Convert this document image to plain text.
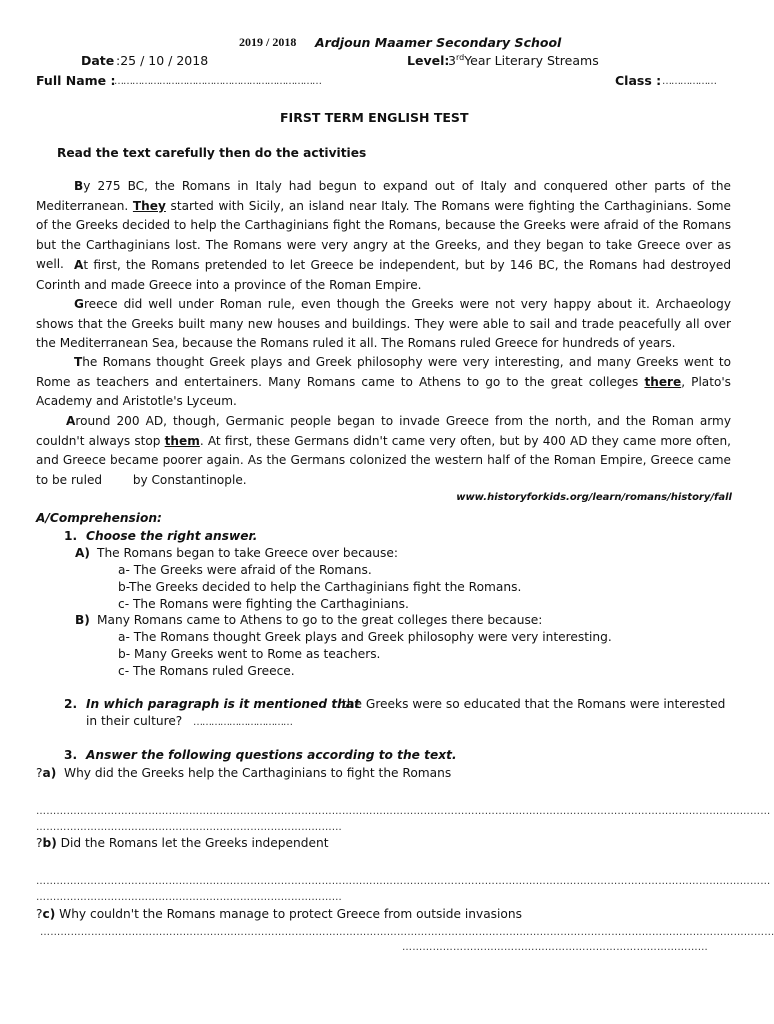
2019 / 2018 Ardjoun Maamer Secondary School
Date :25 / 10 / 2018	Level:
3rdYear Literary Streams
Full Name :
……………………………………………………………	Class : ………………
FIRST TERM ENGLISH TEST
Read the text carefully then do the activities
By 275 BC, the Romans in Italy had begun to expand out of Italy and conquered other parts of the Mediterranean. They started with Sicily, an island near Italy. The Romans were fighting the Carthaginians. Some of the Greeks decided to help the Carthaginians fight the Romans, because the Greeks were afraid of the Romans but the Carthaginians lost. The Romans were very angry at the Greeks, and they began to take Greece over as well. At first, the Romans pretended to let Greece be independent, but by 146 BC, the Romans had destroyed Corinth and made Greece into a province of the Roman Empire.
Greece did well under Roman rule, even though the Greeks were not very happy about it. Archaeology shows that the Greeks built many new houses and buildings. They were able to sail and trade peacefully all over the Mediterranean Sea, because the Romans ruled it all. The Romans ruled Greece for hundreds of years.
The Romans thought Greek plays and Greek philosophy were very interesting, and many Greeks went to Rome as teachers and entertainers. Many Romans came to Athens to go to the great colleges there, Plato's Academy and Aristotle's Lyceum.
Around 200 AD, though, Germanic people began to invade Greece from the north, and the Roman army couldn't always stop them. At first, these Germans didn't came very often, but by 400 AD they came more often, and Greece became poorer again. As the Germans colonized the western half of the Roman Empire, Greece came to be ruled        by Constantinople.
www.historyforkids.org/learn/romans/history/fall
A/Comprehension:
1. Choose the right answer.
A) The Romans began to take Greece over because:
a- The Greeks were afraid of the Romans.
b-The Greeks decided to help the Carthaginians fight the Romans.
c- The Romans were fighting the Carthaginians.
B) Many Romans came to Athens to go to the great colleges there because:
a- The Romans thought Greek plays and Greek philosophy were very interesting.
b- Many Greeks went to Rome as teachers.
c- The Romans ruled Greece.
2. In which paragraph is it mentioned that
the Greeks were so educated that the Romans were interested
in their culture? ……………………………
3. Answer the following questions according to the text.
?a) Why did the Greeks help the Carthaginians to fight the Romans
………………………………………………………………………………………………………………………………………………………………………………………………
………………………………………………………………………………
?b) Did the Romans let the Greeks independent
………………………………………………………………………………………………………………………………………………………………………………………………
………………………………………………………………………………
?c) Why couldn't the Romans manage to protect Greece from outside invasions
………………………………………………………………………………………………………………………………………………………………………………………………
………………………………………………………………………………
